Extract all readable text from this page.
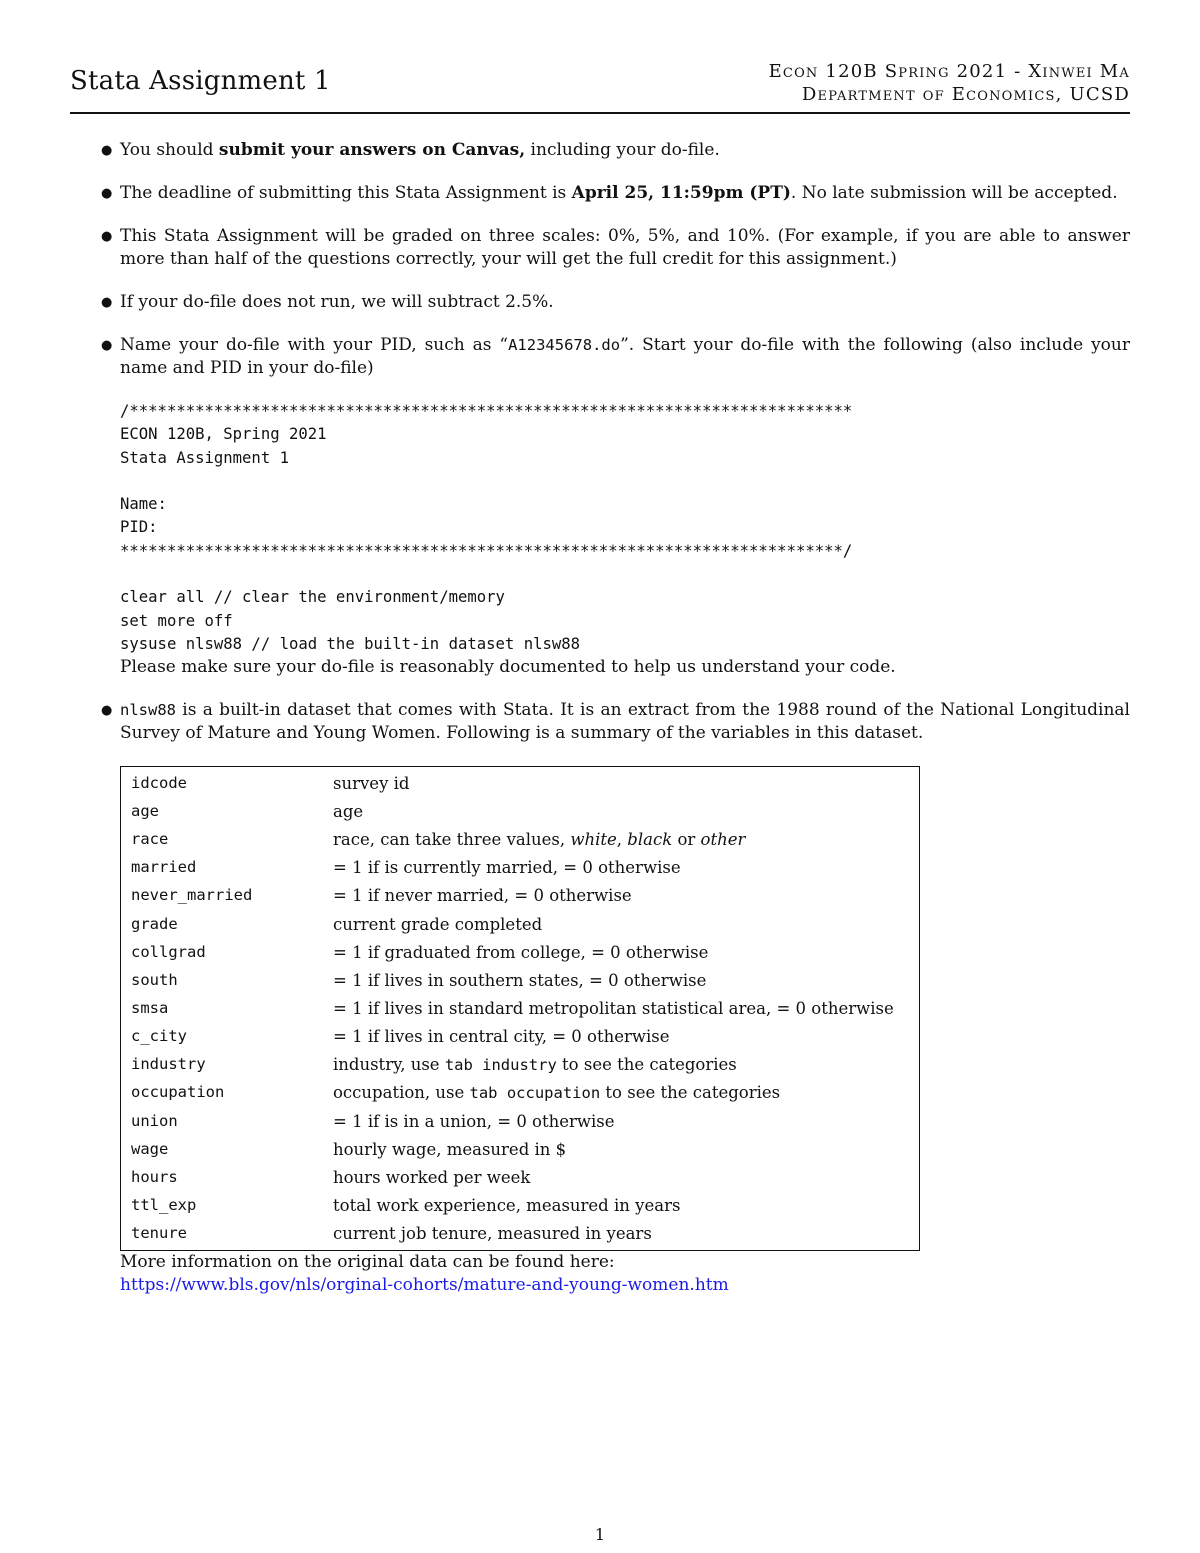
Stata Assignment 1	Econ 120B Spring 2021 - Xinwei Ma
Department of Economics, UCSD
● You should submit your answers on Canvas, including your do-file.

● The deadline of submitting this Stata Assignment is April 25, 11:59pm (PT). No late submission will be accepted.

● This Stata Assignment will be graded on three scales: 0%, 5%, and 10%. (For example, if you are able to answer more than half of the questions correctly, your will get the full credit for this assignment.)

● If your do-file does not run, we will subtract 2.5%.

● Name your do-file with your PID, such as “A12345678.do”. Start your do-file with the following (also include your name and PID in your do-file)

/*****************************************************************************
ECON 120B, Spring 2021
Stata Assignment 1
Name:
PID:
*****************************************************************************/
clear all // clear the environment/memory
set more off
sysuse nlsw88 // load the built-in dataset nlsw88

Please make sure your do-file is reasonably documented to help us understand your code.

● nlsw88 is a built-in dataset that comes with Stata. It is an extract from the 1988 round of the National Longitudinal Survey of Mature and Young Women. Following is a summary of the variables in this dataset.

idcode	survey id
age	age
race	race, can take three values, white, black or other
married	= 1 if is currently married, = 0 otherwise
never_married	= 1 if never married, = 0 otherwise
grade	current grade completed
collgrad	= 1 if graduated from college, = 0 otherwise
south	= 1 if lives in southern states, = 0 otherwise
smsa	= 1 if lives in standard metropolitan statistical area, = 0 otherwise
c_city	= 1 if lives in central city, = 0 otherwise
industry	industry, use tab industry to see the categories
occupation	occupation, use tab occupation to see the categories
union	= 1 if is in a union, = 0 otherwise
wage	hourly wage, measured in $
hours	hours worked per week
ttl_exp	total work experience, measured in years
tenure	current job tenure, measured in years

More information on the original data can be found here:

https://www.bls.gov/nls/orginal-cohorts/mature-and-young-women.htm

1
